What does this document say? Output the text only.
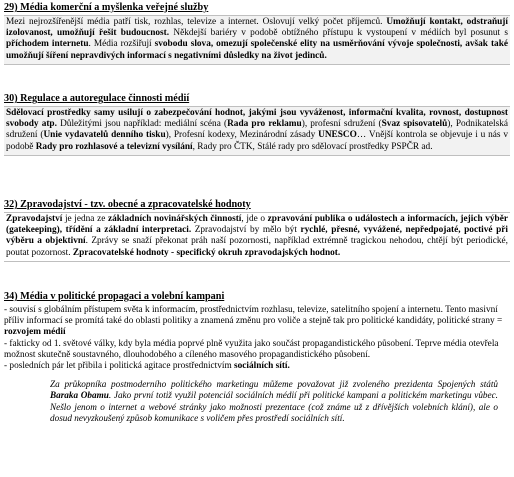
29) Média komerční a myšlenka veřejné služby
Mezi nejrozšířenější média patří tisk, rozhlas, televize a internet. Oslovují velký počet příjemců. Umožňují kontakt, odstraňují izolovanost, umožňují řešit budoucnost. Někdejší bariéry v podobě obtížného přístupu k vystoupení v médiích byl posunut s příchodem internetu. Média rozšiřují svobodu slova, omezují společenské elity na usměrňování vývoje společnosti, avšak také umožňují šíření nepravdivých informací s negativními důsledky na život jedinců.
30) Regulace a autoregulace činnosti médií
Sdělovací prostředky samy usilují o zabezpečování hodnot, jakými jsou vyváženost, informační kvalita, rovnost, dostupnost svobody atp. Důležitými jsou například: mediální scéna (Rada pro reklamu), profesní sdružení (Svaz spisovatelů), Podnikatelská sdružení (Unie vydavatelů denního tisku), Profesní kodexy, Mezinárodní zásady UNESCO… Vnější kontrola se objevuje i u nás v podobě Rady pro rozhlasové a televizní vysílání, Rady pro ČTK, Stálé rady pro sdělovací prostředky PSPČR ad.
32) Zpravodajství - tzv. obecné a zpracovatelské hodnoty
Zpravodajství je jedna ze základních novinářských činností, jde o zpravování publika o událostech a informacích, jejich výběr (gatekeeping), třídění a základní interpretaci. Zpravodajství by mělo být rychlé, přesné, vyvážené, nepředpojaté, poctivé při výběru a objektivní. Zprávy se snaží překonat práh naší pozornosti, například extrémně tragickou nehodou, chtějí být periodické, poutat pozornost. Zpracovatelské hodnoty - specifický okruh zpravodajských hodnot.
34) Média v politické propagaci a volební kampani
- souvisí s globálním přístupem světa k informacím, prostřednictvím rozhlasu, televize, satelitního spojení a internetu. Tento masivní příliv informací se promítá také do oblasti politiky a znamená změnu pro voliče a stejně tak pro politické kandidáty, politické strany = rozvojem médií
- fakticky od 1. světové války, kdy byla média poprvé plně využita jako součást propagandistického působení. Teprve média otevřela možnost skutečně soustavného, dlouhodobého a cíleného masového propagandistického působení.
- posledních pár let přibila i politická agitace prostřednictvím sociálních sítí.
Za průkopníka postmoderního politického marketingu můžeme považovat již zvoleného prezidenta Spojených států Baraka Obamu. Jako první totiž využil potenciál sociálních médií při politické kampani a politickém marketingu vůbec. Nešlo jenom o internet a webové stránky jako možnosti prezentace (což známe už z dřívějších volebních klání), ale o dosud nevyzkoušený způsob komunikace s voličem přes prostředí sociálních sítí.
